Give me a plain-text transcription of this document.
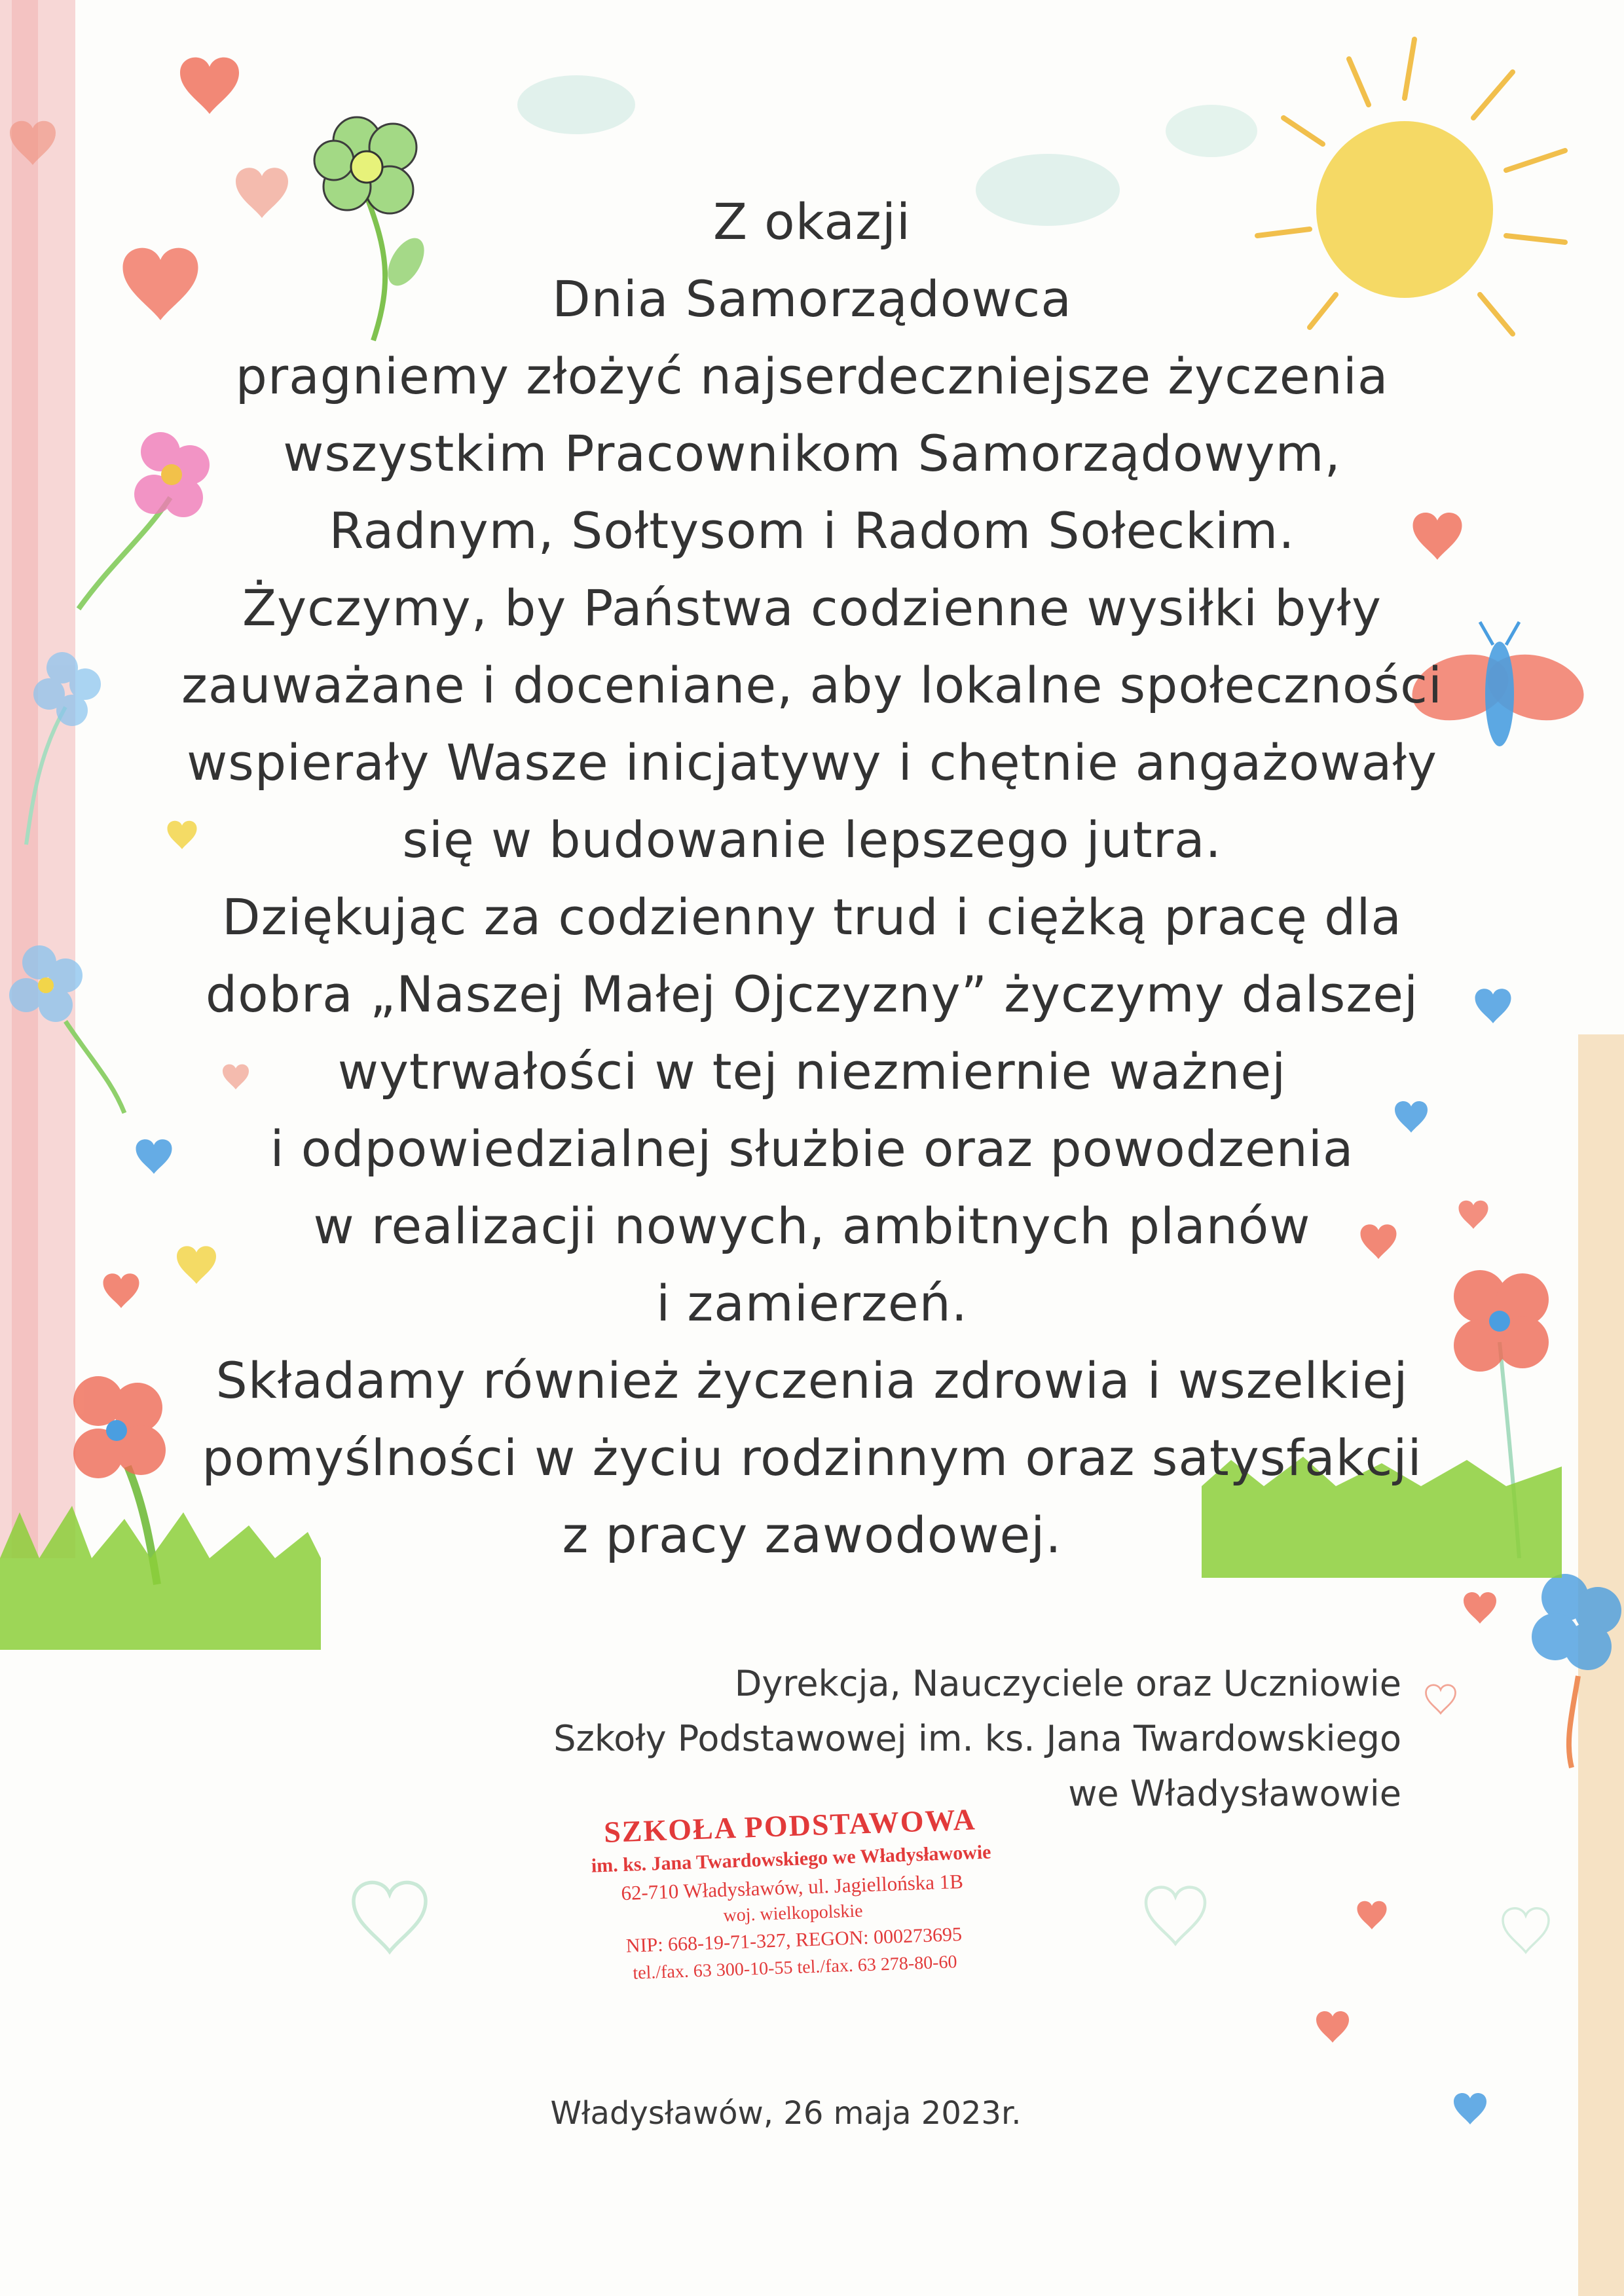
Z okazji
Dnia Samorządowca
pragniemy złożyć najserdeczniejsze życzenia
wszystkim Pracownikom Samorządowym,
Radnym, Sołtysom i Radom Sołeckim.
Życzymy, by Państwa codzienne wysiłki były
zauważane i doceniane, aby lokalne społeczności
wspierały Wasze inicjatywy i chętnie angażowały
się w budowanie lepszego jutra.
Dziękując za codzienny trud i ciężką pracę dla
dobra „Naszej Małej Ojczyzny” życzymy dalszej
wytrwałości w tej niezmiernie ważnej
i odpowiedzialnej służbie oraz powodzenia
w realizacji nowych, ambitnych planów
i zamierzeń.
Składamy również życzenia zdrowia i wszelkiej
pomyślności w życiu rodzinnym oraz satysfakcji
z pracy zawodowej.
Dyrekcja, Nauczyciele oraz Uczniowie
Szkoły Podstawowej im. ks. Jana Twardowskiego
we Władysławowie
SZKOŁA PODSTAWOWA
im. ks. Jana Twardowskiego we Władysławowie
62-710 Władysławów, ul. Jagiellońska 1B
woj. wielkopolskie
NIP: 668-19-71-327, REGON: 000273695
tel./fax. 63 300-10-55 tel./fax. 63 278-80-60
Władysławów, 26 maja 2023r.
